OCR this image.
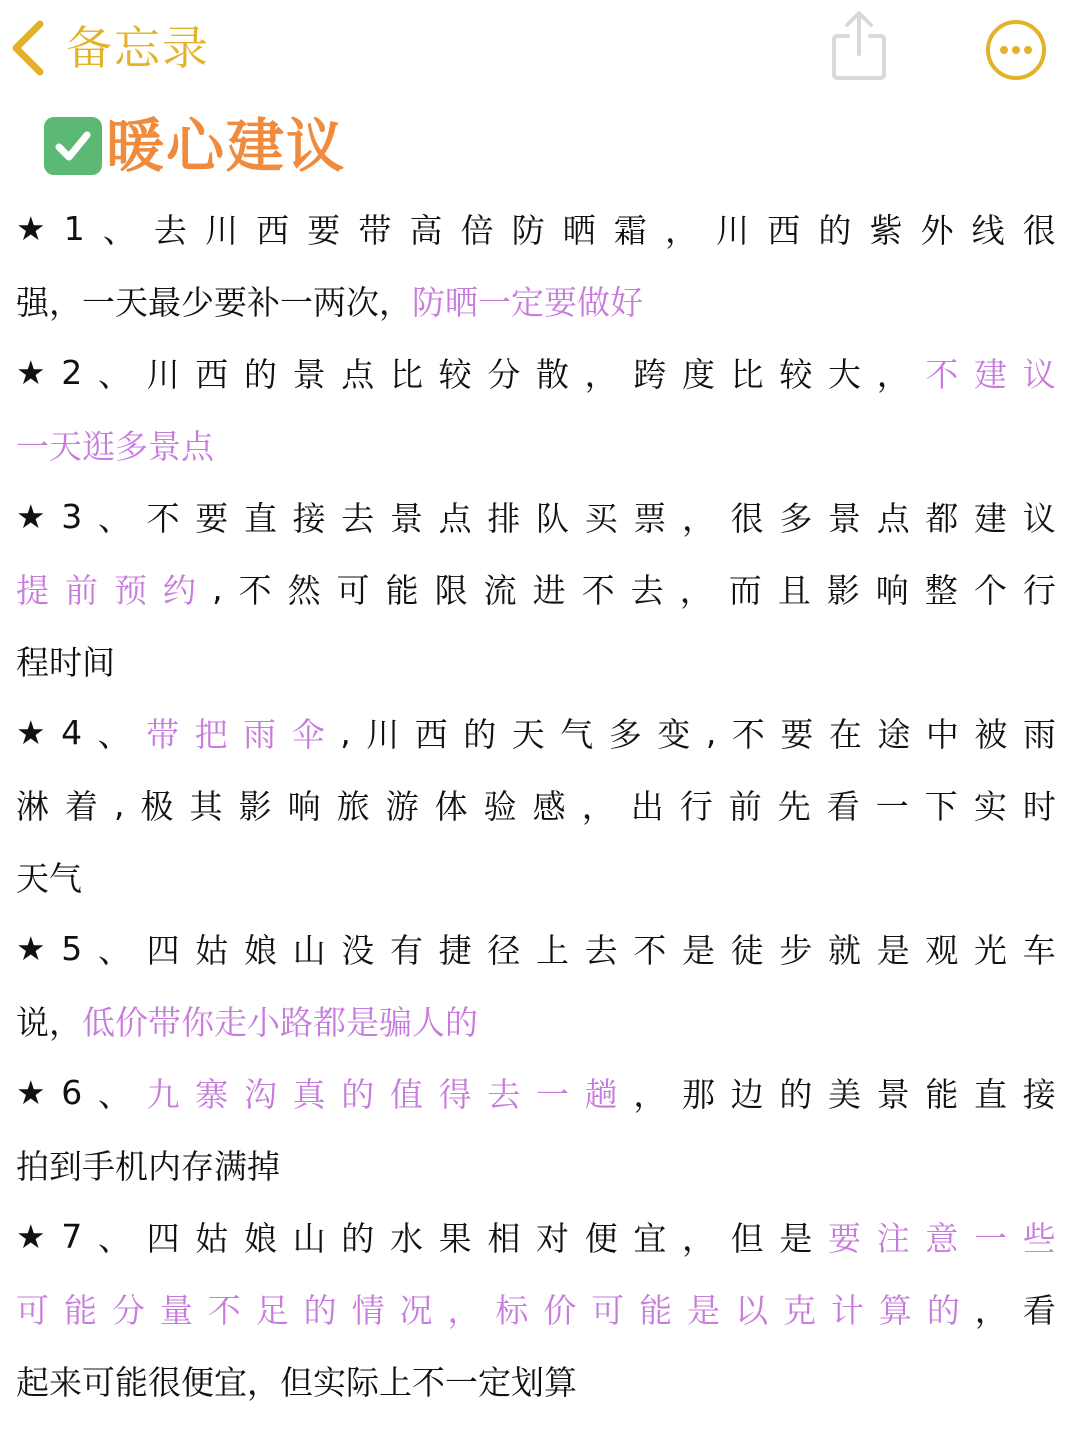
备忘录
暖心建议
★ 1 、 去 川 西 要 带 高 倍 防 晒 霜 ， 川 西 的 紫 外 线 很
强 ， 一 天 最 少 要 补 一 两 次 ， 防 晒 一 定 要 做 好
★ 2 、 川 西 的 景 点 比 较 分 散 ， 跨 度 比 较 大 ， 不 建 议
一 天 逛 多 景 点
★ 3 、 不 要 直 接 去 景 点 排 队 买 票 ， 很 多 景 点 都 建 议
提 前 预 约 , 不 然 可 能 限 流 进 不 去 ， 而 且 影 响 整 个 行
程 时 间
★ 4 、 带 把 雨 伞 , 川 西 的 天 气 多 变 , 不 要 在 途 中 被 雨
淋 着 , 极 其 影 响 旅 游 体 验 感 ， 出 行 前 先 看 一 下 实 时
天 气
★ 5 、 四 姑 娘 山 没 有 捷 径 上 去 不 是 徒 步 就 是 观 光 车
说 ， 低 价 带 你 走 小 路 都 是 骗 人 的
★ 6 、 九 寨 沟 真 的 值 得 去 一 趟 ， 那 边 的 美 景 能 直 接
拍 到 手 机 内 存 满 掉
★ 7 、 四 姑 娘 山 的 水 果 相 对 便 宜 ， 但 是 要 注 意 一 些
可 能 分 量 不 足 的 情 况 ， 标 价 可 能 是 以 克 计 算 的 ， 看
起 来 可 能 很 便 宜 ， 但 实 际 上 不 一 定 划 算
